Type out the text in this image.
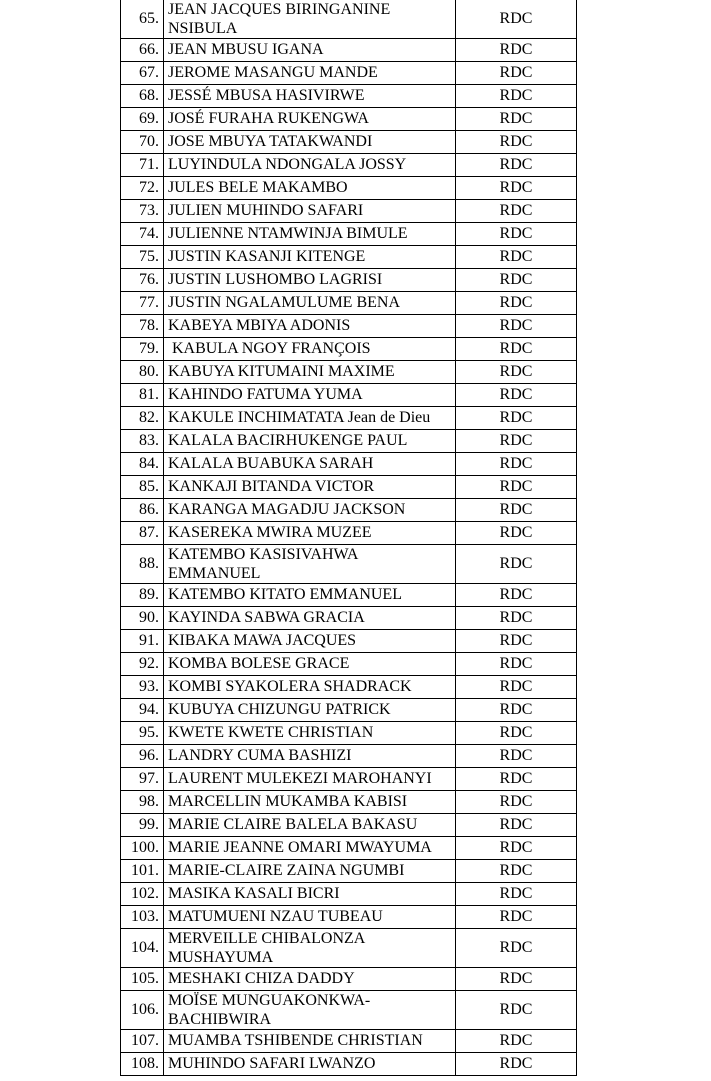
65.	JEAN JACQUES BIRINGANINE
NSIBULA	RDC
66.	JEAN MBUSU IGANA	RDC
67.	JEROME MASANGU MANDE	RDC
68.	JESSÉ MBUSA HASIVIRWE	RDC
69.	JOSÉ FURAHA RUKENGWA	RDC
70.	JOSE MBUYA TATAKWANDI	RDC
71.	LUYINDULA NDONGALA JOSSY	RDC
72.	JULES BELE MAKAMBO	RDC
73.	JULIEN MUHINDO SAFARI	RDC
74.	JULIENNE NTAMWINJA BIMULE	RDC
75.	JUSTIN KASANJI KITENGE	RDC
76.	JUSTIN LUSHOMBO LAGRISI	RDC
77.	JUSTIN NGALAMULUME BENA	RDC
78.	KABEYA MBIYA ADONIS	RDC
79.	KABULA NGOY FRANÇOIS	RDC
80.	KABUYA KITUMAINI MAXIME	RDC
81.	KAHINDO FATUMA YUMA	RDC
82.	KAKULE INCHIMATATA Jean de Dieu	RDC
83.	KALALA BACIRHUKENGE PAUL	RDC
84.	KALALA BUABUKA SARAH	RDC
85.	KANKAJI BITANDA VICTOR	RDC
86.	KARANGA MAGADJU JACKSON	RDC
87.	KASEREKA MWIRA MUZEE	RDC
88.	KATEMBO KASISIVAHWA
EMMANUEL	RDC
89.	KATEMBO KITATO EMMANUEL	RDC
90.	KAYINDA SABWA GRACIA	RDC
91.	KIBAKA MAWA JACQUES	RDC
92.	KOMBA BOLESE GRACE	RDC
93.	KOMBI SYAKOLERA SHADRACK	RDC
94.	KUBUYA CHIZUNGU PATRICK	RDC
95.	KWETE KWETE CHRISTIAN	RDC
96.	LANDRY CUMA BASHIZI	RDC
97.	LAURENT MULEKEZI MAROHANYI	RDC
98.	MARCELLIN MUKAMBA KABISI	RDC
99.	MARIE CLAIRE BALELA BAKASU	RDC
100.	MARIE JEANNE OMARI MWAYUMA	RDC
101.	MARIE-CLAIRE ZAINA NGUMBI	RDC
102.	MASIKA KASALI BICRI	RDC
103.	MATUMUENI NZAU TUBEAU	RDC
104.	MERVEILLE CHIBALONZA
MUSHAYUMA	RDC
105.	MESHAKI CHIZA DADDY	RDC
106.	MOÏSE MUNGUAKONKWA-
BACHIBWIRA	RDC
107.	MUAMBA TSHIBENDE CHRISTIAN	RDC
108.	MUHINDO SAFARI LWANZO	RDC
